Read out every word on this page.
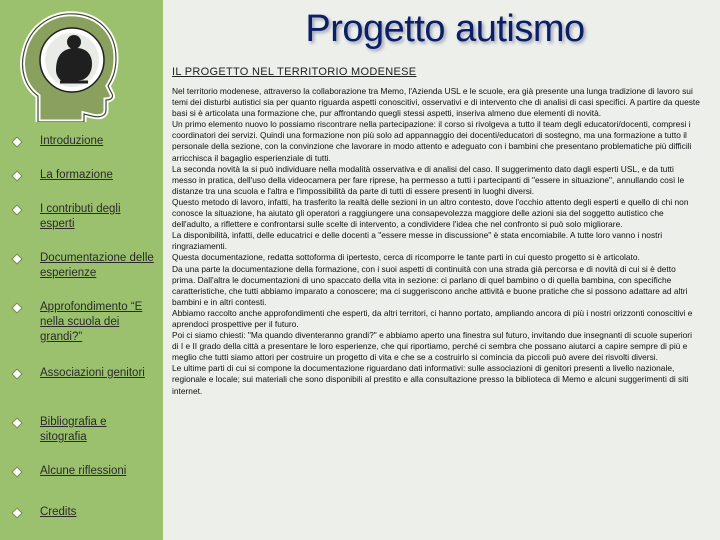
Introduzione
La formazione
I contributi degli esperti
Documentazione delle esperienze
Approfondimento “E nella scuola dei grandi?”
Associazioni genitori
Bibliografia e sitografia
Alcune riflessioni
Credits
Progetto autismo
IL PROGETTO NEL TERRITORIO MODENESE

Nel territorio modenese, attraverso la collaborazione tra Memo, l'Azienda USL e le scuole, era già presente una lunga tradizione di lavoro sui temi dei disturbi autistici sia per quanto riguarda aspetti conoscitivi, osservativi e di intervento che di analisi di casi specifici. A partire da queste basi si è articolata una formazione che, pur affrontando quegli stessi aspetti, inseriva almeno due elementi di novità.

Un primo elemento nuovo lo possiamo riscontrare nella partecipazione: il corso si rivolgeva a tutto il team degli educatori/docenti, compresi i coordinatori dei servizi. Quindi una formazione non più solo ad appannaggio dei docenti/educatori di sostegno, ma una formazione a tutto il personale della sezione, con la convinzione che lavorare in modo attento e adeguato con i bambini che presentano problematiche più difficili arricchisca il bagaglio esperienziale di tutti.

La seconda novità la si può individuare nella modalità osservativa e di analisi del caso. Il suggerimento dato dagli esperti USL, e da tutti messo in pratica, dell'uso della videocamera per fare riprese, ha permesso a tutti i partecipanti di "essere in situazione", annullando così le distanze tra una scuola e l'altra e l'impossibilità da parte di tutti di essere presenti in luoghi diversi.

Questo metodo di lavoro, infatti, ha trasferito la realtà delle sezioni in un altro contesto, dove l'occhio attento degli esperti e quello di chi non conosce la situazione, ha aiutato gli operatori a raggiungere una consapevolezza maggiore delle azioni sia del soggetto autistico che dell'adulto, a riflettere e confrontarsi sulle scelte di intervento, a condividere l'idea che nel confronto si può solo migliorare.

La disponibilità, infatti, delle educatrici e delle docenti a "essere messe in discussione" è stata encomiabile. A tutte loro vanno i nostri ringraziamenti.

Questa documentazione, redatta sottoforma di ipertesto, cerca di ricomporre le tante parti in cui questo progetto si è articolato.

Da una parte la documentazione della formazione, con i suoi aspetti di continuità con una strada già percorsa e di novità di cui si è detto prima. Dall'altra le documentazioni di uno spaccato della vita in sezione: ci parlano di quel bambino o di quella bambina, con specifiche caratteristiche, che tutti abbiamo imparato a conoscere; ma ci suggeriscono anche attività e buone pratiche che si possono adattare ad altri bambini e in altri contesti.

Abbiamo raccolto anche approfondimenti che esperti, da altri territori, ci hanno portato, ampliando ancora di più i nostri orizzonti conoscitivi e aprendoci prospettive per il futuro.

Poi ci siamo chiesti: "Ma quando diventeranno grandi?" e abbiamo aperto una finestra sul futuro, invitando due insegnanti di scuole superiori di I e II grado della città a presentare le loro esperienze, che qui riportiamo, perché ci sembra che possano aiutarci a capire sempre di più e meglio che tutti siamo attori per costruire un progetto di vita e che se a costruirlo si comincia da piccoli può avere dei risvolti diversi.

Le ultime parti di cui si compone la documentazione riguardano dati informativi: sulle associazioni di genitori presenti a livello nazionale, regionale e locale; sui materiali che sono disponibili al prestito e alla consultazione presso la biblioteca di Memo e alcuni suggerimenti di siti internet.
